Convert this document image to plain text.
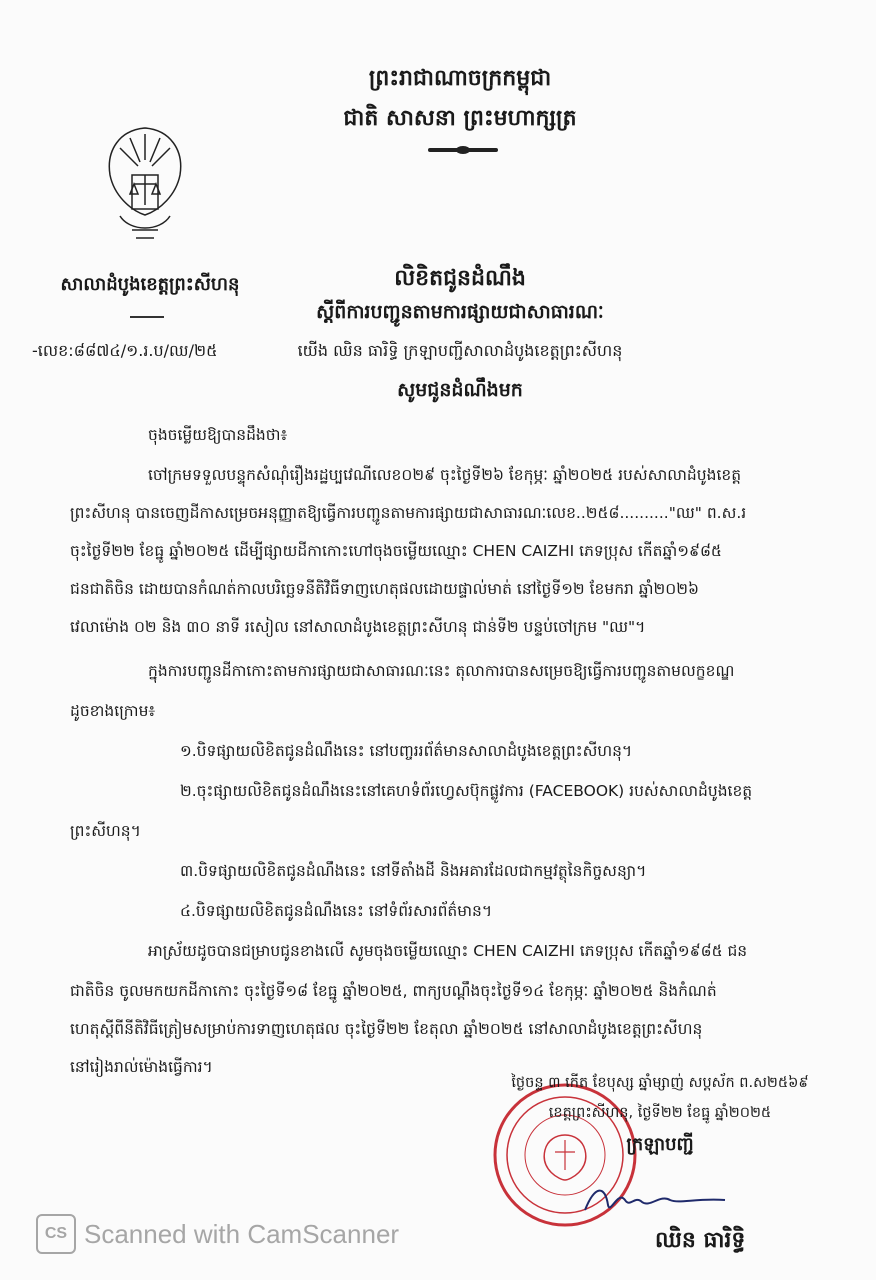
ព្រះរាជាណាចក្រកម្ពុជា
ជាតិ សាសនា ព្រះមហាក្សត្រ
សាលាដំបូងខេត្តព្រះសីហនុ
-លេខ:៨៨៧៤/១.រ.ប/ឈ/២៥
លិខិតជូនដំណឹង
ស្តីពីការបញ្ជូនតាមការផ្សាយជាសាធារណៈ
យើង ឈិន ធារិទ្ធិ ក្រឡាបញ្ជីសាលាដំបូងខេត្តព្រះសីហនុ
សូមជូនដំណឹងមក
ចុងចម្លើយឱ្យបានដឹងថា៖
ចៅក្រមទទួលបន្ទុកសំណុំរឿងរដ្ឋប្បវេណីលេខ០២៩ ចុះថ្ងៃទី២៦ ខែកុម្ភៈ ឆ្នាំ២០២៥ របស់សាលាដំបូងខេត្ត
ព្រះសីហនុ បានចេញដីកាសម្រេចអនុញ្ញាតឱ្យធ្វើការបញ្ជូនតាមការផ្សាយជាសាធារណៈលេខ..២៥៨.........."ឈ" ព.ស.រ
ចុះថ្ងៃទី២២ ខែធ្នូ ឆ្នាំ២០២៥ ដើម្បីផ្សាយដីកាកោះហៅចុងចម្លើយឈ្មោះ CHEN CAIZHI ភេទប្រុស កើតឆ្នាំ១៩៨៥
ជនជាតិចិន ដោយបានកំណត់កាលបរិច្ឆេទនីតិវិធីទាញហេតុផលដោយផ្ទាល់មាត់ នៅថ្ងៃទី១២ ខែមករា ឆ្នាំ២០២៦
វេលាម៉ោង ០២ និង ៣០ នាទី រសៀល នៅសាលាដំបូងខេត្តព្រះសីហនុ ជាន់ទី២ បន្ទប់ចៅក្រម "ឈ"។
ក្នុងការបញ្ជូនដីកាកោះតាមការផ្សាយជាសាធារណៈនេះ តុលាការបានសម្រេចឱ្យធ្វើការបញ្ជូនតាមលក្ខខណ្ឌ
ដូចខាងក្រោម៖
១.បិទផ្សាយលិខិតជូនដំណឹងនេះ នៅបញ្ចររព័ត៌មានសាលាដំបូងខេត្តព្រះសីហនុ។
២.ចុះផ្សាយលិខិតជូនដំណឹងនេះនៅគេហទំព័រហ្វេសប៊ុកផ្លូវការ (FACEBOOK) របស់សាលាដំបូងខេត្ត
ព្រះសីហនុ។
៣.បិទផ្សាយលិខិតជូនដំណឹងនេះ នៅទីតាំងដី និងអគារដែលជាកម្មវត្ថុនៃកិច្ចសន្យា។
៤.បិទផ្សាយលិខិតជូនដំណឹងនេះ នៅទំព័រសារព័ត៌មាន។
អាស្រ័យដូចបានជម្រាបជូនខាងលើ សូមចុងចម្លើយឈ្មោះ CHEN CAIZHI ភេទប្រុស កើតឆ្នាំ១៩៨៥ ជន
ជាតិចិន ចូលមកយកដីកាកោះ ចុះថ្ងៃទី១៨ ខែធ្នូ ឆ្នាំ២០២៥, ពាក្យបណ្តឹងចុះថ្ងៃទី១៤ ខែកុម្ភៈ ឆ្នាំ២០២៥ និងកំណត់
ហេតុស្តីពីនីតិវិធីត្រៀមសម្រាប់ការទាញហេតុផល ចុះថ្ងៃទី២២ ខែតុលា ឆ្នាំ២០២៥ នៅសាលាដំបូងខេត្តព្រះសីហនុ
នៅរៀងរាល់ម៉ោងធ្វើការ។
ថ្ងៃចន្ទ ៣ កើត ខែបុស្ស ឆ្នាំម្សាញ់ សប្តស័ក ព.ស២៥៦៩
ខេត្តព្រះសីហនុ, ថ្ងៃទី២២ ខែធ្នូ ឆ្នាំ២០២៥
ក្រឡាបញ្ជី
ឈិន ធារិទ្ធិ
CS Scanned with CamScanner
